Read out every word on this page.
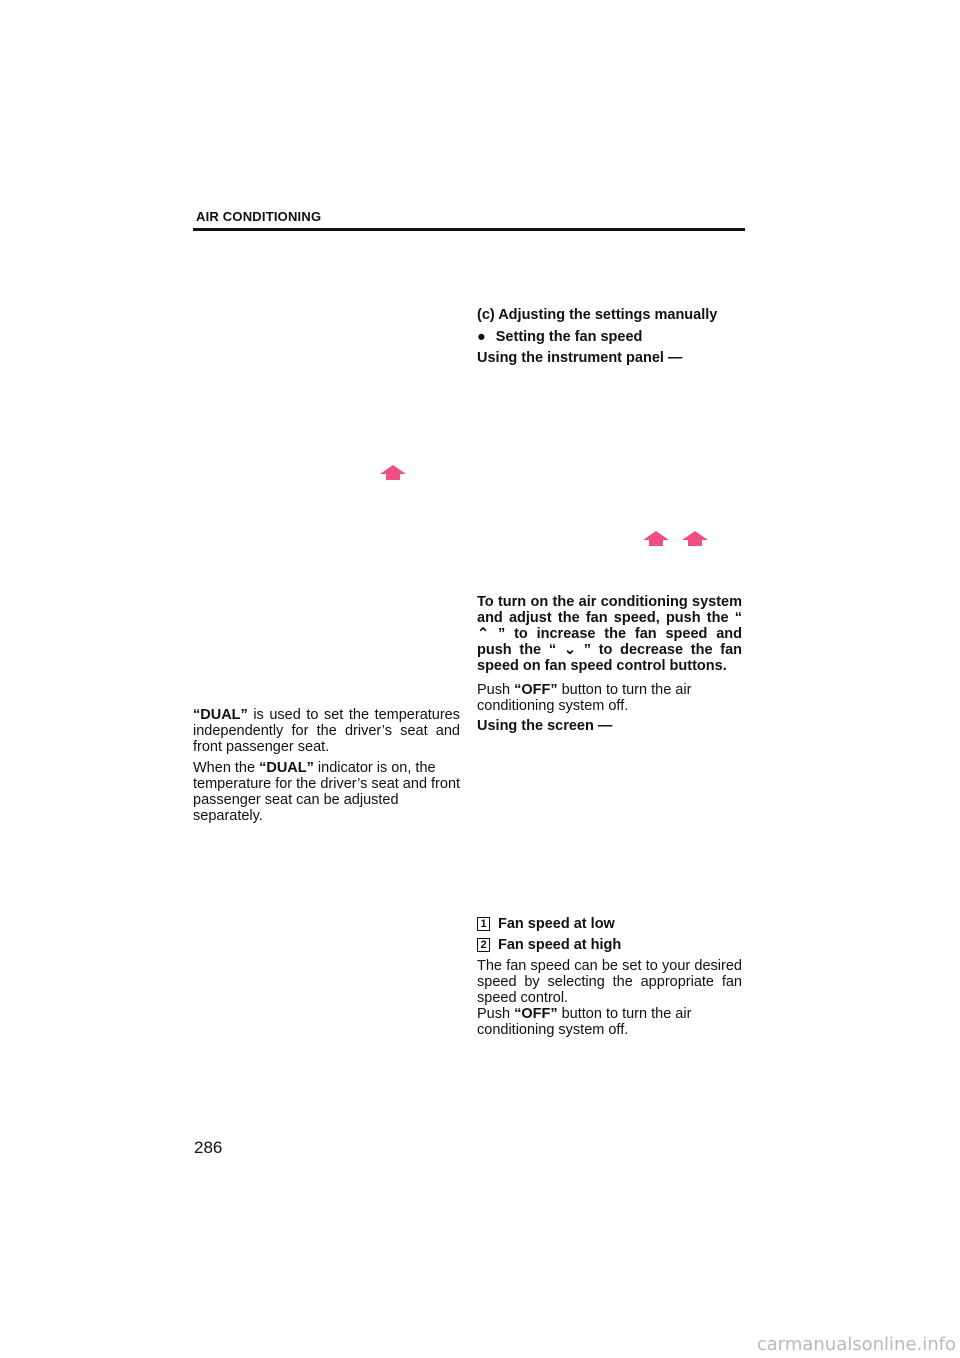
AIR CONDITIONING

“DUAL” is used to set the temperatures independently for the driver’s seat and front passenger seat.

When the “DUAL” indicator is on, the temperature for the driver’s seat and front passenger seat can be adjusted separately.

(c) Adjusting the settings manually

● Setting the fan speed

Using the instrument panel —

To turn on the air conditioning system and adjust the fan speed, push the “ ⌃ ” to increase the fan speed and push the “ ⌄ ” to decrease the fan speed on fan speed control buttons.

Push “OFF” button to turn the air conditioning system off.

Using the screen —

1 Fan speed at low

2 Fan speed at high

The fan speed can be set to your desired speed by selecting the appropriate fan speed control.

Push “OFF” button to turn the air conditioning system off.

286
carmanualsonline.info
